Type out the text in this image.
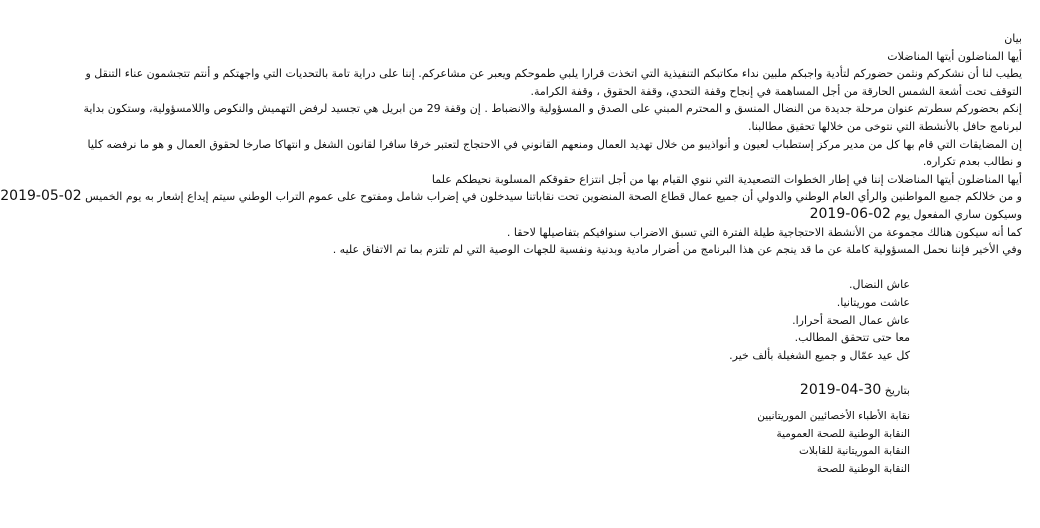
بيان
أيها المناضلون أيتها المناضلات
يطيب لنا أن نشكركم ونثمن حضوركم لتأدية واجبكم ملبين نداء مكاتبكم التنفيذية التي اتخذت قرارا يلبي طموحكم ويعبر عن مشاعركم. إننا على دراية تامة بالتحديات التي واجهتكم و أنتم تتجشمون عناء التنقل و التوقف تحت أشعة الشمس الحارقة من أجل المساهمة في إنجاح وقفة التحدي، وقفة الحقوق ، وقفة الكرامة.
إنكم بحضوركم سطرتم عنوان مرحلة جديدة من النضال المنسق و المحترم المبني على الصدق و المسؤولية والانضباط . إن وقفة 29 من ابريل هي تجسيد لرفض التهميش والنكوص واللامسؤولية، وستكون بداية لبرنامج حافل بالأنشطة التي نتوخى من خلالها تحقيق مطالبنا.
إن المضايقات التي قام بها كل من مدير مركز إستطباب لعيون و أنواذيبو من خلال تهديد العمال ومنعهم القانوني في الاحتجاج لتعتبر خرقا سافرا لقانون الشغل و انتهاكا صارخا لحقوق العمال و هو ما نرفضه كليا و نطالب بعدم تكراره.
أيها المناضلون أيتها المناضلات إننا في إطار الخطوات التصعيدية التي ننوي القيام بها من أجل انتزاع حقوقكم المسلوبة نحيطكم علما
و من خلالكم جميع المواطنين والرأي العام الوطني والدولي أن جميع عمال قطاع الصحة المنضوين تحت نقاباتنا سيدخلون في إضراب شامل ومفتوح على عموم التراب الوطني سيتم إيداع إشعار به يوم الخميس 2019-05-02
وسيكون ساري المفعول يوم 2019-06-02
كما أنه سيكون هنالك مجموعة من الأنشطة الاحتجاجية طيلة الفترة التي تسبق الاضراب سنوافيكم بتفاصيلها لاحقا .
وفي الأخير فإننا نحمل المسؤولية كاملة عن ما قد ينجم عن هذا البرنامج من أضرار مادية وبدنية ونفسية للجهات الوصية التي لم تلتزم بما تم الاتفاق عليه .
عاش النضال.
عاشت موريتانيا.
عاش عمال الصحة أحرارا.
معا حتى تتحقق المطالب.
كل عيد عمّال و جميع الشغيلة بألف خير.
بتاريخ 2019-04-30
نقابة الأطباء الأخصائيين الموريتانيين
النقابة الوطنية للصحة العمومية
النقابة الموريتانية للقابلات
النقابة الوطنية للصحة
